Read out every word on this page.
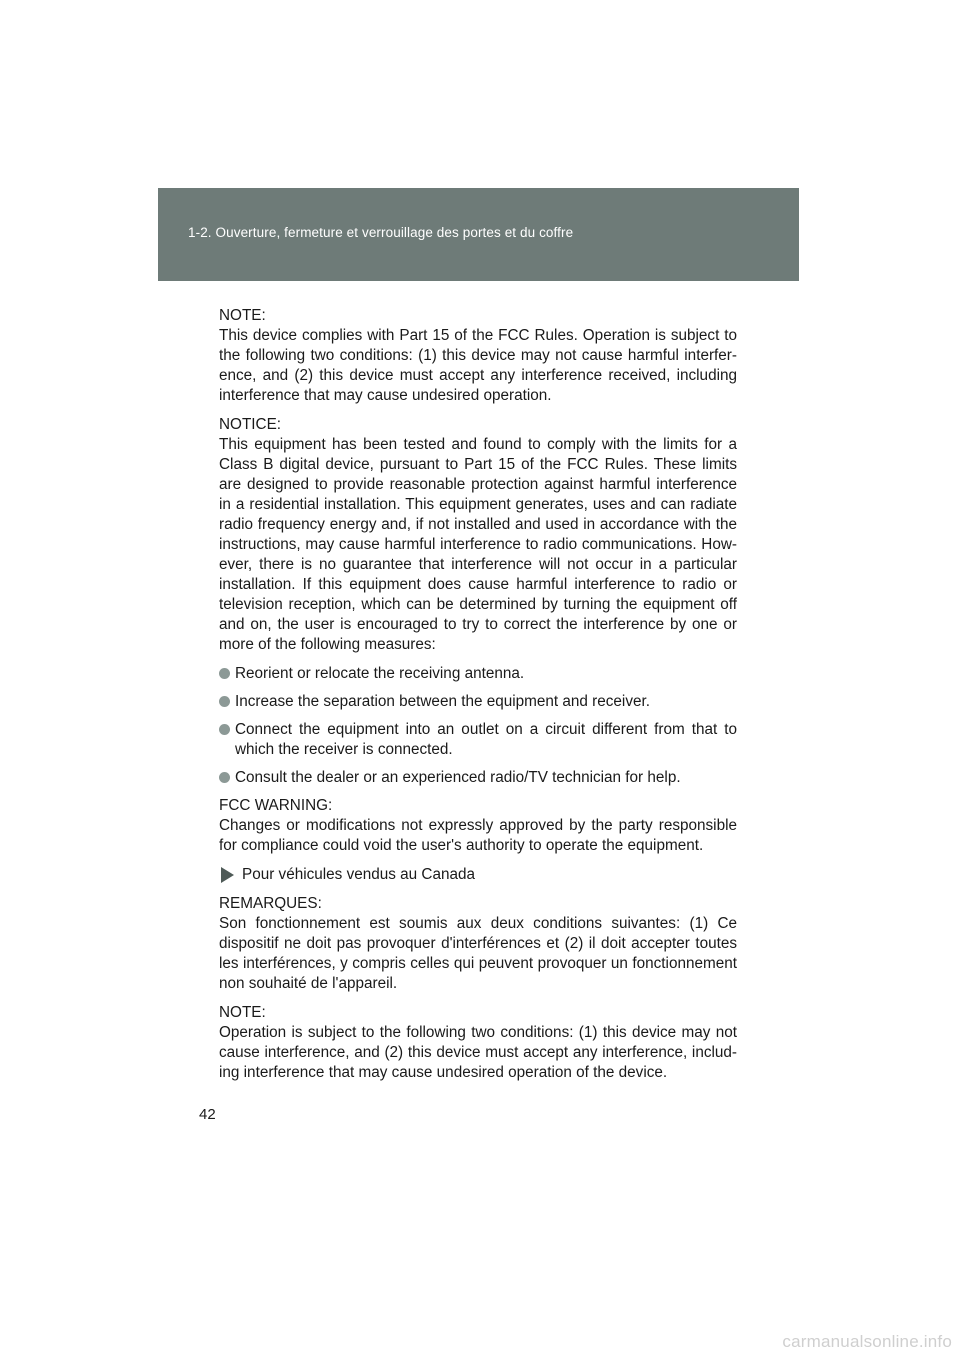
1-2. Ouverture, fermeture et verrouillage des portes et du coffre
NOTE:

This device complies with Part 15 of the FCC Rules. Operation is subject to the following two conditions: (1) this device may not cause harmful interfer-ence, and (2) this device must accept any interference received, including interference that may cause undesired operation.

NOTICE:

This equipment has been tested and found to comply with the limits for a Class B digital device, pursuant to Part 15 of the FCC Rules. These limits are designed to provide reasonable protection against harmful interference in a residential installation. This equipment generates, uses and can radiate radio frequency energy and, if not installed and used in accordance with the instructions, may cause harmful interference to radio communications. How-ever, there is no guarantee that interference will not occur in a particular installation. If this equipment does cause harmful interference to radio or television reception, which can be determined by turning the equipment off and on, the user is encouraged to try to correct the interference by one or more of the following measures:

Reorient or relocate the receiving antenna.
Increase the separation between the equipment and receiver.
Connect the equipment into an outlet on a circuit different from that to which the receiver is connected.
Consult the dealer or an experienced radio/TV technician for help.
FCC WARNING:

Changes or modifications not expressly approved by the party responsible for compliance could void the user's authority to operate the equipment.

Pour véhicules vendus au Canada
REMARQUES:

Son fonctionnement est soumis aux deux conditions suivantes: (1) Ce dispositif ne doit pas provoquer d'interférences et (2) il doit accepter toutes les interférences, y compris celles qui peuvent provoquer un fonctionnement non souhaité de l'appareil.

NOTE:

Operation is subject to the following two conditions: (1) this device may not cause interference, and (2) this device must accept any interference, includ-ing interference that may cause undesired operation of the device.

42
carmanualsonline.info
